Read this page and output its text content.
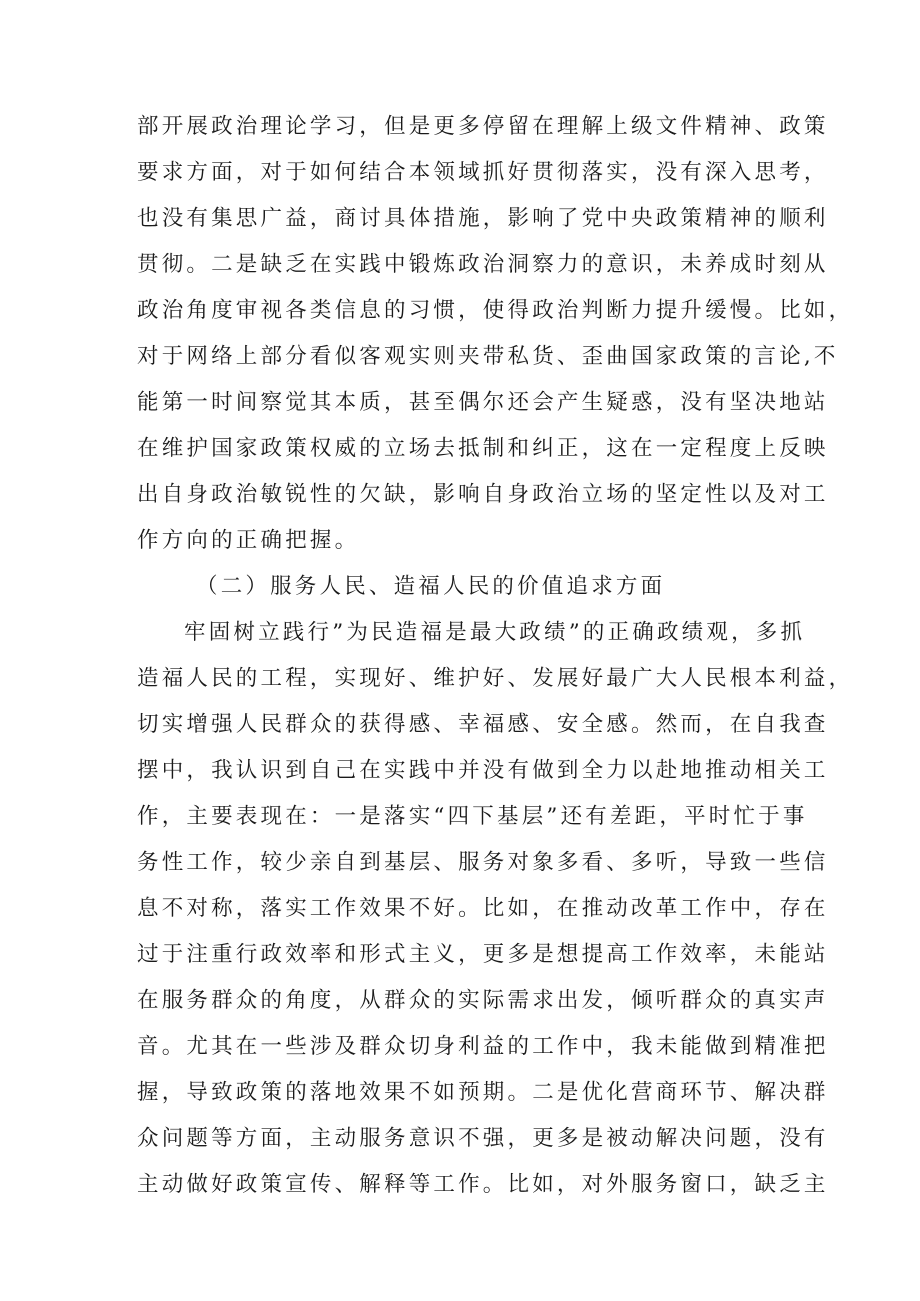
部开展政治理论学习，但是更多停留在理解上级文件精神、政策
要求方面，对于如何结合本领域抓好贯彻落实，没有深入思考，
也没有集思广益，商讨具体措施，影响了党中央政策精神的顺利
贯彻。二是缺乏在实践中锻炼政治洞察力的意识，未养成时刻从
政治角度审视各类信息的习惯，使得政治判断力提升缓慢。比如，
对于网络上部分看似客观实则夹带私货、歪曲国家政策的言论,不
能第一时间察觉其本质，甚至偶尔还会产生疑惑，没有坚决地站
在维护国家政策权威的立场去抵制和纠正，这在一定程度上反映
出自身政治敏锐性的欠缺，影响自身政治立场的坚定性以及对工
作方向的正确把握。
（二）服务人民、造福人民的价值追求方面
牢固树立践行”为民造福是最大政绩”的正确政绩观，多抓
造福人民的工程，实现好、维护好、发展好最广大人民根本利益，
切实增强人民群众的获得感、幸福感、安全感。然而，在自我查
摆中，我认识到自己在实践中并没有做到全力以赴地推动相关工
作，主要表现在：一是落实“四下基层”还有差距，平时忙于事
务性工作，较少亲自到基层、服务对象多看、多听，导致一些信
息不对称，落实工作效果不好。比如，在推动改革工作中，存在
过于注重行政效率和形式主义，更多是想提高工作效率，未能站
在服务群众的角度，从群众的实际需求出发，倾听群众的真实声
音。尤其在一些涉及群众切身利益的工作中，我未能做到精准把
握，导致政策的落地效果不如预期。二是优化营商环节、解决群
众问题等方面，主动服务意识不强，更多是被动解决问题，没有
主动做好政策宣传、解释等工作。比如，对外服务窗口，缺乏主
